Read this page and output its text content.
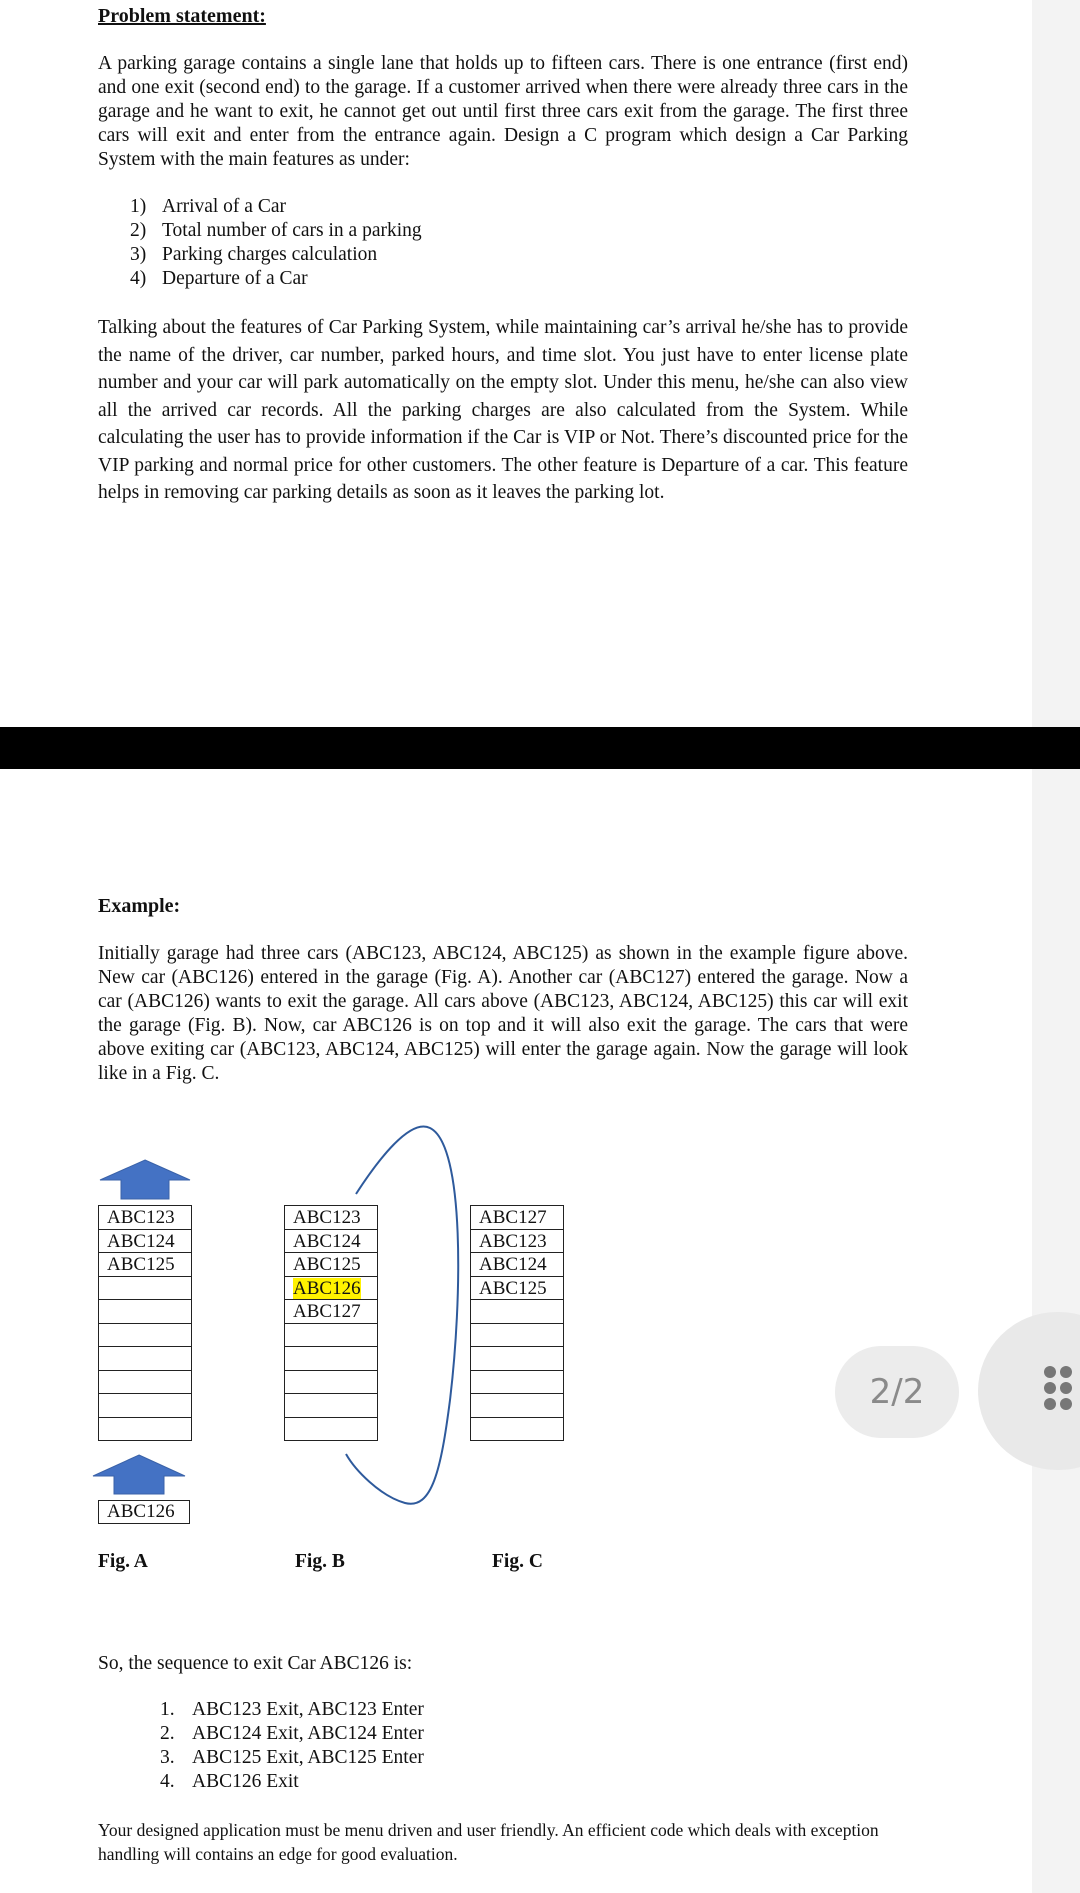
Problem statement:
A parking garage contains a single lane that holds up to fifteen cars. There is one entrance (first end) and one exit (second end) to the garage. If a customer arrived when there were already three cars in the garage and he want to exit, he cannot get out until first three cars exit from the garage. The first three cars will exit and enter from the entrance again. Design a C program which design a Car Parking System with the main features as under:
1) Arrival of a Car
2) Total number of cars in a parking
3) Parking charges calculation
4) Departure of a Car
Talking about the features of Car Parking System, while maintaining car’s arrival he/she has to provide the name of the driver, car number, parked hours, and time slot. You just have to enter license plate number and your car will park automatically on the empty slot. Under this menu, he/she can also view all the arrived car records. All the parking charges are also calculated from the System. While calculating the user has to provide information if the Car is VIP or Not. There’s discounted price for the VIP parking and normal price for other customers. The other feature is Departure of a car. This feature helps in removing car parking details as soon as it leaves the parking lot.
Example:
Initially garage had three cars (ABC123, ABC124, ABC125) as shown in the example figure above. New car (ABC126) entered in the garage (Fig. A). Another car (ABC127) entered the garage. Now a car (ABC126) wants to exit the garage. All cars above (ABC123, ABC124, ABC125) this car will exit the garage (Fig. B). Now, car ABC126 is on top and it will also exit the garage. The cars that were above exiting car (ABC123, ABC124, ABC125) will enter the garage again. Now the garage will look like in a Fig. C.
ABC123
ABC124
ABC125
ABC126
ABC123
ABC124
ABC125
ABC126
ABC127
ABC127
ABC123
ABC124
ABC125
Fig. A	Fig. B	Fig. C
So, the sequence to exit Car ABC126 is:
1. ABC123 Exit, ABC123 Enter
2. ABC124 Exit, ABC124 Enter
3. ABC125 Exit, ABC125 Enter
4. ABC126 Exit
Your designed application must be menu driven and user friendly. An efficient code which deals with exception handling will contains an edge for good evaluation.
2/2
